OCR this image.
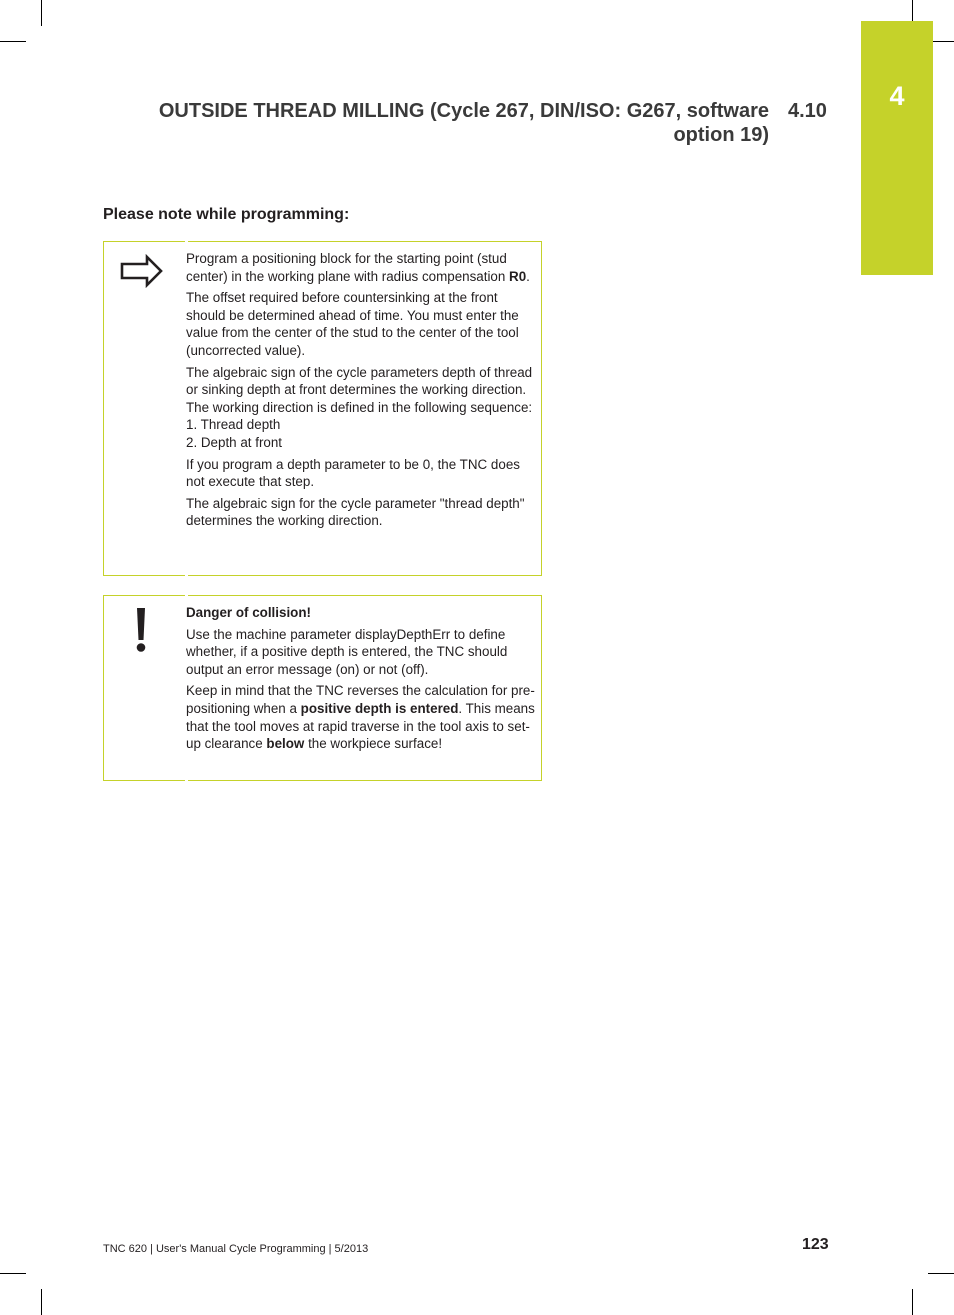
4
OUTSIDE THREAD MILLING (Cycle 267, DIN/ISO: G267, software
option 19)
4.10
Please note while programming:

Program a positioning block for the starting point (stud center) in the working plane with radius compensation R0.

The offset required before countersinking at the front should be determined ahead of time. You must enter the value from the center of the stud to the center of the tool (uncorrected value).

The algebraic sign of the cycle parameters depth of thread or sinking depth at front determines the working direction. The working direction is defined in the following sequence:
1. Thread depth
2. Depth at front

If you program a depth parameter to be 0, the TNC does not execute that step.

The algebraic sign for the cycle parameter "thread depth" determines the working direction.

Danger of collision!

Use the machine parameter displayDepthErr to define whether, if a positive depth is entered, the TNC should output an error message (on) or not (off).

Keep in mind that the TNC reverses the calculation for pre-positioning when a positive depth is entered. This means that the tool moves at rapid traverse in the tool axis to set-up clearance below the workpiece surface!

TNC 620 | User's Manual Cycle Programming | 5/2013	123
